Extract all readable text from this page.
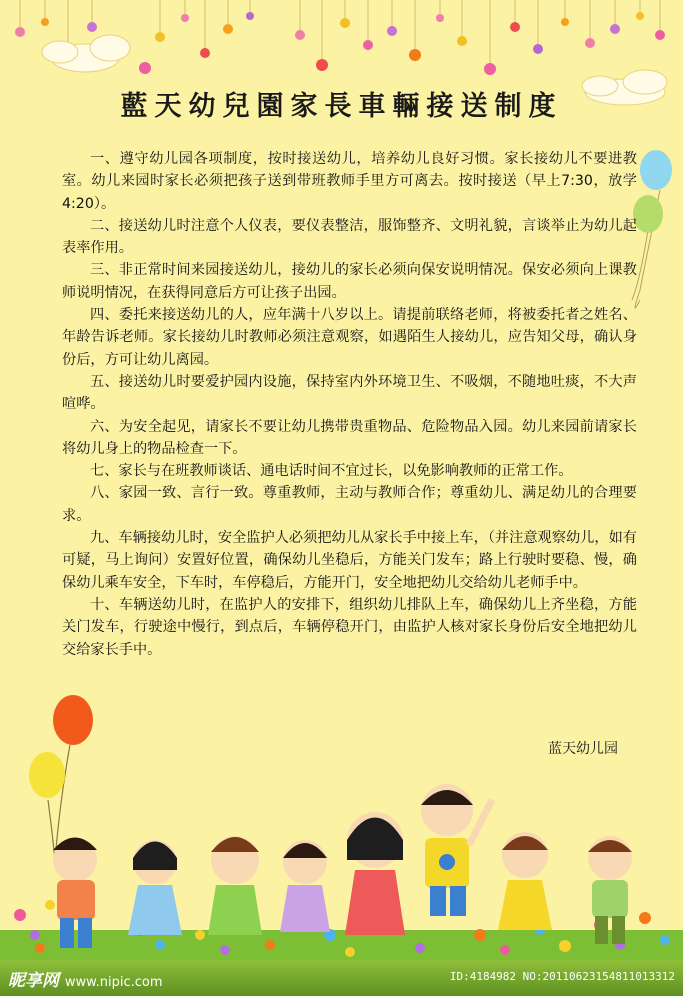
藍天幼兒園家長車輛接送制度

一、遵守幼儿园各项制度，按时接送幼儿，培养幼儿良好习惯。家长接幼儿不要进教室。幼儿来园时家长必须把孩子送到带班教师手里方可离去。按时接送（早上7:30，放学4:20）。

二、接送幼儿时注意个人仪表，要仪表整洁，服饰整齐、文明礼貌，言谈举止为幼儿起表率作用。

三、非正常时间来园接送幼儿，接幼儿的家长必须向保安说明情况。保安必须向上课教师说明情况，在获得同意后方可让孩子出园。

四、委托来接送幼儿的人，应年满十八岁以上。请提前联络老师，将被委托者之姓名、年龄告诉老师。家长接幼儿时教师必须注意观察，如遇陌生人接幼儿，应告知父母，确认身份后，方可让幼儿离园。

五、接送幼儿时要爱护园内设施，保持室内外环境卫生、不吸烟，不随地吐痰，不大声喧哗。

六、为安全起见，请家长不要让幼儿携带贵重物品、危险物品入园。幼儿来园前请家长将幼儿身上的物品检查一下。

七、家长与在班教师谈话、通电话时间不宜过长，以免影响教师的正常工作。

八、家园一致、言行一致。尊重教师，主动与教师合作；尊重幼儿、满足幼儿的合理要求。

九、车辆接幼儿时，安全监护人必须把幼儿从家长手中接上车，（并注意观察幼儿，如有可疑，马上询问）安置好位置，确保幼儿坐稳后，方能关门发车；路上行驶时要稳、慢，确保幼儿乘车安全，下车时，车停稳后，方能开门，安全地把幼儿交给幼儿老师手中。

十、车辆送幼儿时，在监护人的安排下，组织幼儿排队上车，确保幼儿上齐坐稳，方能关门发车，行驶途中慢行，到点后，车辆停稳开门，由监护人核对家长身份后安全地把幼儿交给家长手中。

蓝天幼儿园
昵享网 www.nipic.com	ID:4184982 NO:20110623154811013312
